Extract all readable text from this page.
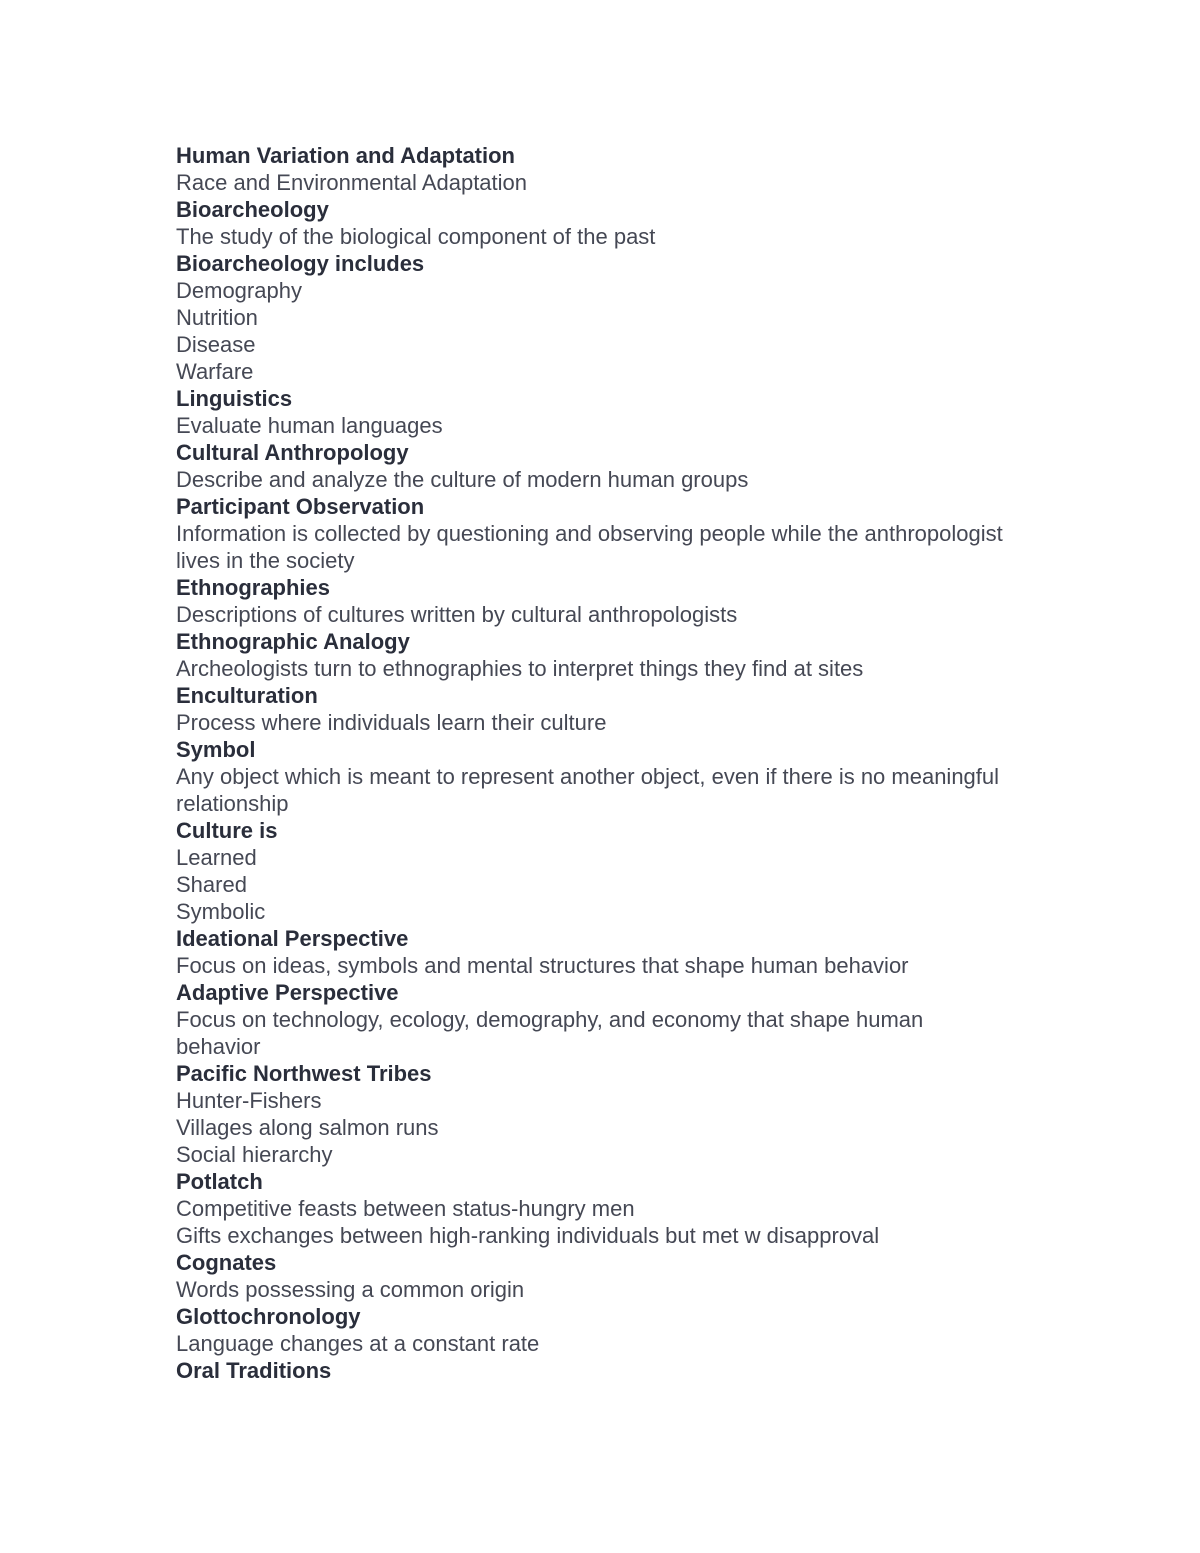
Human Variation and Adaptation
Race and Environmental Adaptation
Bioarcheology
The study of the biological component of the past
Bioarcheology includes
Demography
Nutrition
Disease
Warfare
Linguistics
Evaluate human languages
Cultural Anthropology
Describe and analyze the culture of modern human groups
Participant Observation
Information is collected by questioning and observing people while the anthropologist lives in the society
Ethnographies
Descriptions of cultures written by cultural anthropologists
Ethnographic Analogy
Archeologists turn to ethnographies to interpret things they find at sites
Enculturation
Process where individuals learn their culture
Symbol
Any object which is meant to represent another object, even if there is no meaningful relationship
Culture is
Learned
Shared
Symbolic
Ideational Perspective
Focus on ideas, symbols and mental structures that shape human behavior
Adaptive Perspective
Focus on technology, ecology, demography, and economy that shape human behavior
Pacific Northwest Tribes
Hunter-Fishers
Villages along salmon runs
Social hierarchy
Potlatch
Competitive feasts between status-hungry men
Gifts exchanges between high-ranking individuals but met w disapproval
Cognates
Words possessing a common origin
Glottochronology
Language changes at a constant rate
Oral Traditions
